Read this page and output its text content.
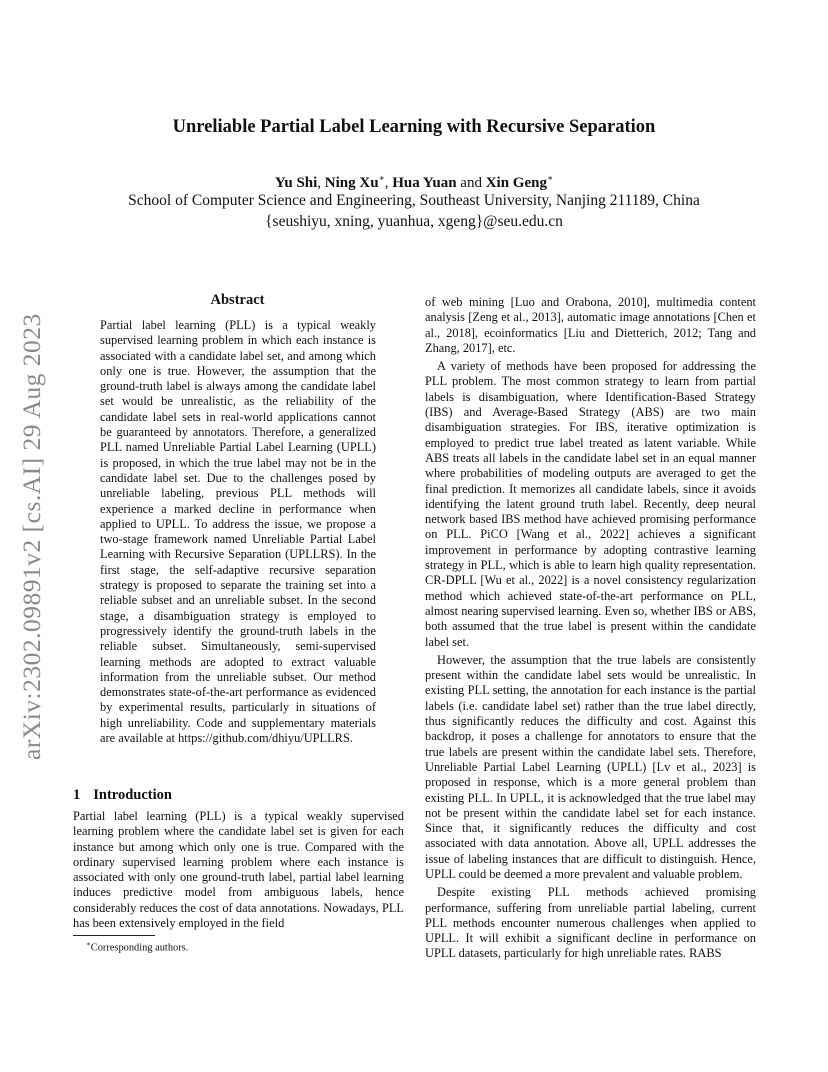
arXiv:2302.09891v2 [cs.AI] 29 Aug 2023
Unreliable Partial Label Learning with Recursive Separation
Yu Shi, Ning Xu∗, Hua Yuan and Xin Geng∗
School of Computer Science and Engineering, Southeast University, Nanjing 211189, China
{seushiyu, xning, yuanhua, xgeng}@seu.edu.cn
Abstract
Partial label learning (PLL) is a typical weakly supervised learning problem in which each instance is associated with a candidate label set, and among which only one is true. However, the assumption that the ground-truth label is always among the candidate label set would be unrealistic, as the reliability of the candidate label sets in real-world applications cannot be guaranteed by annotators. Therefore, a generalized PLL named Unreliable Partial Label Learning (UPLL) is proposed, in which the true label may not be in the candidate label set. Due to the challenges posed by unreliable labeling, previous PLL methods will experience a marked decline in performance when applied to UPLL. To address the issue, we propose a two-stage framework named Unreliable Partial Label Learning with Recursive Separation (UPLLRS). In the first stage, the self-adaptive recursive separation strategy is proposed to separate the training set into a reliable subset and an unreliable subset. In the second stage, a disambiguation strategy is employed to progressively identify the ground-truth labels in the reliable subset. Simultaneously, semi-supervised learning methods are adopted to extract valuable information from the unreliable subset. Our method demonstrates state-of-the-art performance as evidenced by experimental results, particularly in situations of high unreliability. Code and supplementary materials are available at https://github.com/dhiyu/UPLLRS.
1 Introduction
Partial label learning (PLL) is a typical weakly supervised learning problem where the candidate label set is given for each instance but among which only one is true. Compared with the ordinary supervised learning problem where each instance is associated with only one ground-truth label, partial label learning induces predictive model from ambiguous labels, hence considerably reduces the cost of data annotations. Nowadays, PLL has been extensively employed in the field
∗Corresponding authors.

of web mining [Luo and Orabona, 2010], multimedia content analysis [Zeng et al., 2013], automatic image annotations [Chen et al., 2018], ecoinformatics [Liu and Dietterich, 2012; Tang and Zhang, 2017], etc.

A variety of methods have been proposed for addressing the PLL problem. The most common strategy to learn from partial labels is disambiguation, where Identification-Based Strategy (IBS) and Average-Based Strategy (ABS) are two main disambiguation strategies. For IBS, iterative optimization is employed to predict true label treated as latent variable. While ABS treats all labels in the candidate label set in an equal manner where probabilities of modeling outputs are averaged to get the final prediction. It memorizes all candidate labels, since it avoids identifying the latent ground truth label. Recently, deep neural network based IBS method have achieved promising performance on PLL. PiCO [Wang et al., 2022] achieves a significant improvement in performance by adopting contrastive learning strategy in PLL, which is able to learn high quality representation. CR-DPLL [Wu et al., 2022] is a novel consistency regularization method which achieved state-of-the-art performance on PLL, almost nearing supervised learning. Even so, whether IBS or ABS, both assumed that the true label is present within the candidate label set.

However, the assumption that the true labels are consistently present within the candidate label sets would be unrealistic. In existing PLL setting, the annotation for each instance is the partial labels (i.e. candidate label set) rather than the true label directly, thus significantly reduces the difficulty and cost. Against this backdrop, it poses a challenge for annotators to ensure that the true labels are present within the candidate label sets. Therefore, Unreliable Partial Label Learning (UPLL) [Lv et al., 2023] is proposed in response, which is a more general problem than existing PLL. In UPLL, it is acknowledged that the true label may not be present within the candidate label set for each instance. Since that, it significantly reduces the difficulty and cost associated with data annotation. Above all, UPLL addresses the issue of labeling instances that are difficult to distinguish. Hence, UPLL could be deemed a more prevalent and valuable problem.

Despite existing PLL methods achieved promising performance, suffering from unreliable partial labeling, current PLL methods encounter numerous challenges when applied to UPLL. It will exhibit a significant decline in performance on UPLL datasets, particularly for high unreliable rates. RABS
